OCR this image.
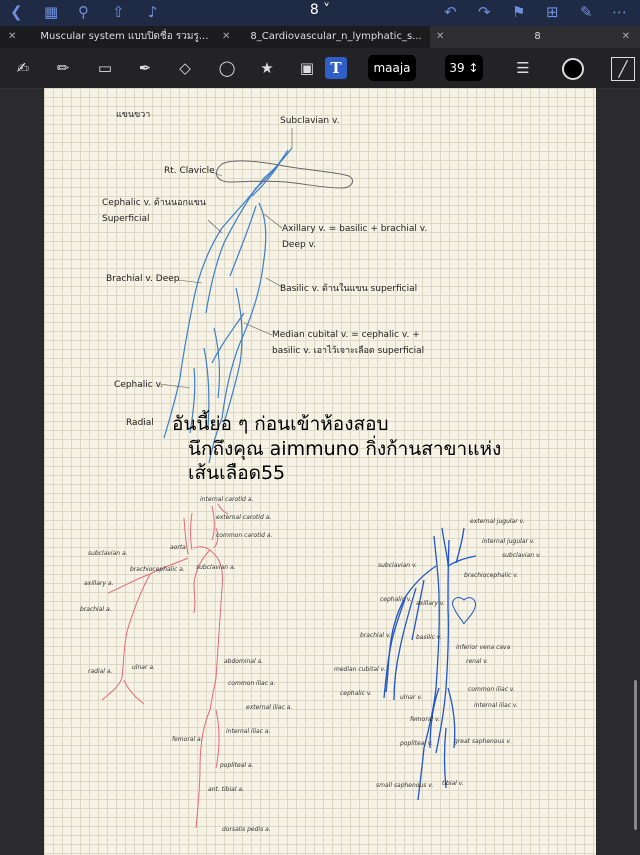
❮ ▦ ⚲ ⇧ ♪	8 ˅	↶ ↷ ⚑ ⊞ ✎ ⋯
✕ Muscular system แบบปิดชื่อ รวมรู...	✕ 8_Cardiovascular_n_lymphatic_s...	✕	8	✕
✍	✏	▭	✒	◇	◯ ★ ▣	T	maaja	39 ↕	☰	╱
แขนขวา
Subclavian v.
Rt. Clavicle
Cephalic v. ด้านนอกแขน
Superficial
Axillary v. = basilic + brachial v.
Deep v.
Brachial v. Deep
Basilic v. ด้านในแขน superficial
Median cubital v. = cephalic v. +
basilic v. เอาไว้เจาะเลือด superficial
Cephalic v.
Radial อันนี้ย่อ ๆ ก่อนเข้าห้องสอบ
นึกถึงคุณ aimmuno กิ่งก้านสาขาแห่ง
เส้นเลือด55
internal carotid a.
external carotid a.
common carotid a.
aorta
subclavian a.
subclavian a.
brachiocephalic a.
axillary a.
brachial a.
radial a.
ulnar a.
abdominal a.
common iliac a.
external iliac a.
internal iliac a.
femoral a.
popliteal a.
ant. tibial a.
dorsalis pedis a.
external jugular v.
internal jugular v.
subclavian v.
subclavian v.
brachiocephalic v.
cephalic v.
axillary v.
brachial v.	basilic v.
inferior vena cava
median cubital v.
renal v.
cephalic v.
common iliac v.
ulnar v.
internal iliac v.
femoral v.
popliteal v.	great saphenous v.
small saphenous v. tibial v.
